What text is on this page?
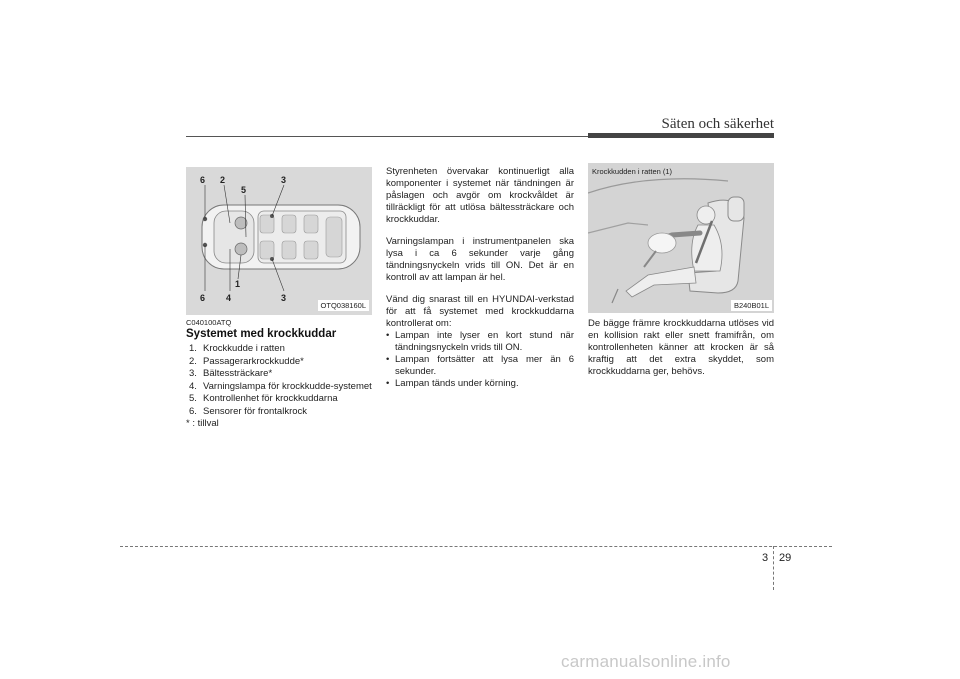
Säten och säkerhet
6 2
5
3
1
6 4	3
OTQ038160L
C040100ATQ
Systemet med krockkuddar
1. Krockkudde i ratten
2. Passagerarkrockkudde*
3. Bältessträckare*
4. Varningslampa för krockkudde-systemet
5. Kontrollenhet för krockkuddarna
6. Sensorer för frontalkrock
* : tillval

Styrenheten övervakar kontinuerligt alla komponenter i systemet när tändningen är påslagen och avgör om krockvåldet är tillräckligt för att utlösa bältessträckare och krockkuddar.

Varningslampan i instrumentpanelen ska lysa i ca 6 sekunder varje gång tändningsnyckeln vrids till ON. Det är en kontroll av att lampan är hel.

Vänd dig snarast till en HYUNDAI-verkstad för att få systemet med krockkuddarna kontrollerat om:

• Lampan inte lyser en kort stund när tändningsnyckeln vrids till ON.
• Lampan fortsätter att lysa mer än 6 sekunder.
• Lampan tänds under körning.
Krockkudden i ratten (1)
B240B01L
De bägge främre krockkuddarna utlöses vid en kollision rakt eller snett framifrån, om kontrollenheten känner att krocken är så kraftig att det extra skyddet, som krockkuddarna ger, behövs.
3 29
carmanualsonline.info
